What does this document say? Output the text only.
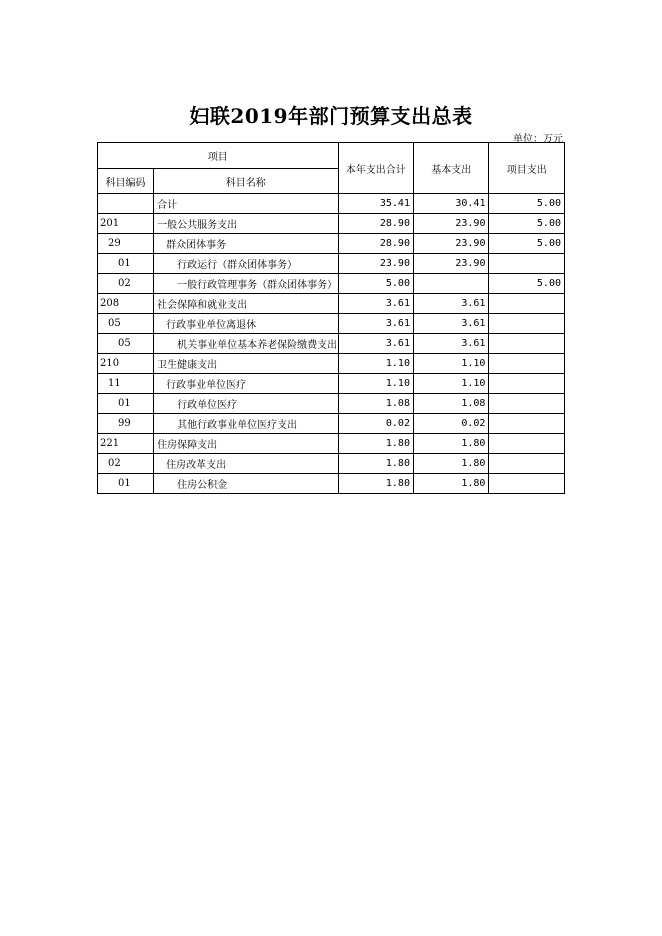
妇联2019年部门预算支出总表
单位：万元
项目		本年支出合计	基本支出	项目支出
科目编码	科目名称			
	合计	35.41	30.41	5.00
201	一般公共服务支出	28.90	23.90	5.00
29	群众团体事务	28.90	23.90	5.00
01	行政运行（群众团体事务）	23.90	23.90	
02	一般行政管理事务（群众团体事务）	5.00		5.00
208	社会保障和就业支出	3.61	3.61	
05	行政事业单位离退休	3.61	3.61	
05	机关事业单位基本养老保险缴费支出	3.61	3.61	
210	卫生健康支出	1.10	1.10	
11	行政事业单位医疗	1.10	1.10	
01	行政单位医疗	1.08	1.08	
99	其他行政事业单位医疗支出	0.02	0.02	
221	住房保障支出	1.80	1.80	
02	住房改革支出	1.80	1.80	
01	住房公积金	1.80	1.80	
